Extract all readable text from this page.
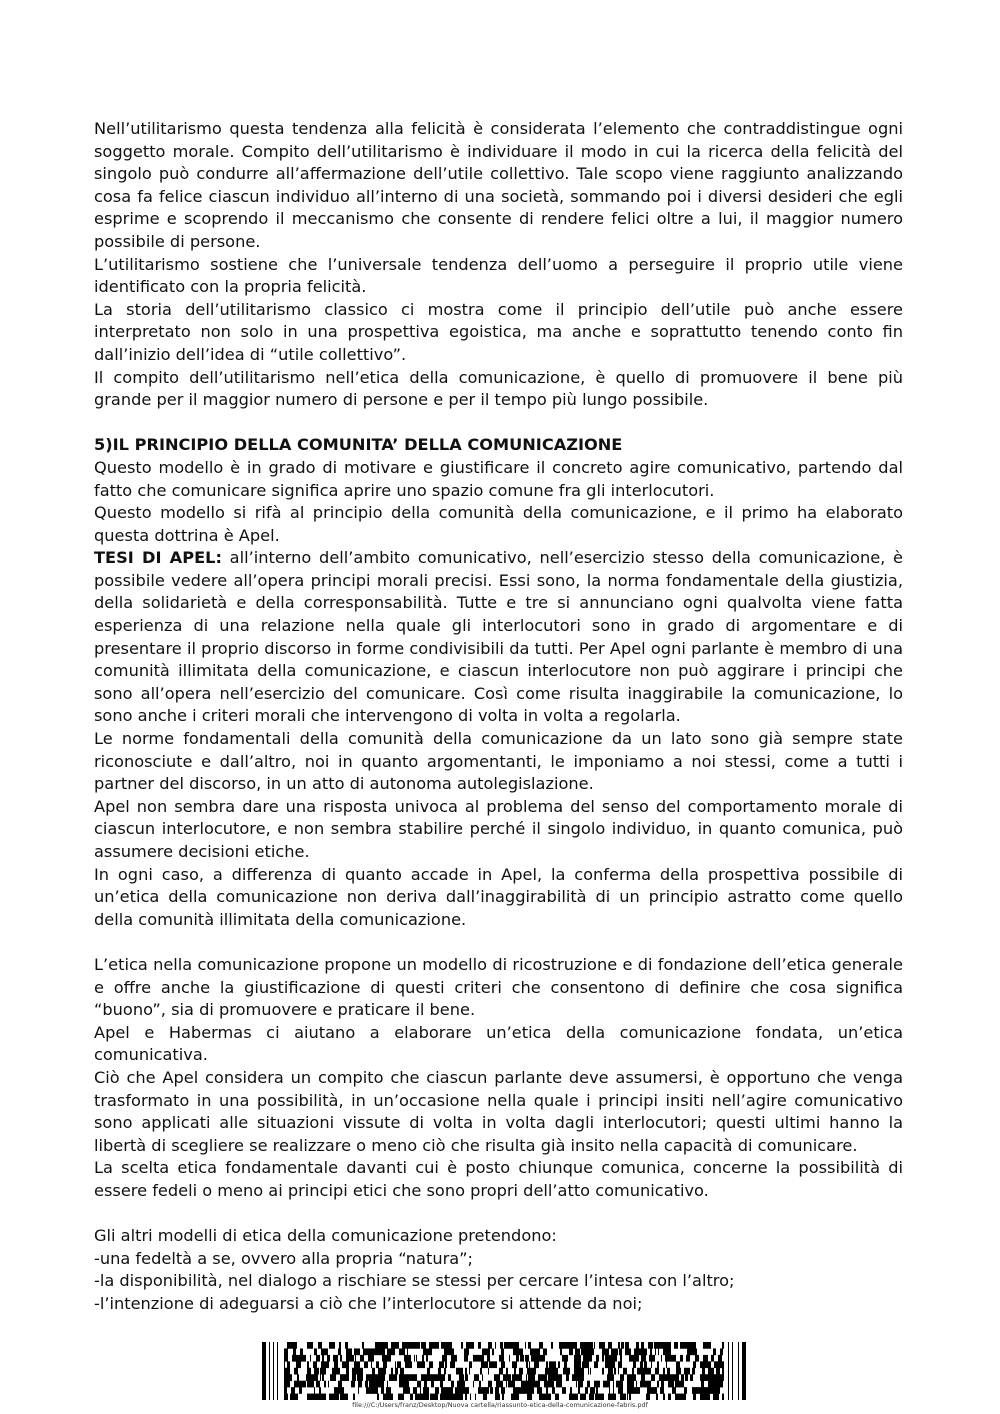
Nell’utilitarismo questa tendenza alla felicità è considerata l’elemento che contraddistingue ogni soggetto morale. Compito dell’utilitarismo è individuare il modo in cui la ricerca della felicità del singolo può condurre all’affermazione dell’utile collettivo. Tale scopo viene raggiunto analizzando cosa fa felice ciascun individuo all’interno di una società, sommando poi i diversi desideri che egli esprime e scoprendo il meccanismo che consente di rendere felici oltre a lui, il maggior numero possibile di persone.

L’utilitarismo sostiene che l’universale tendenza dell’uomo a perseguire il proprio utile viene identificato con la propria felicità.

La storia dell’utilitarismo classico ci mostra come il principio dell’utile può anche essere interpretato non solo in una prospettiva egoistica, ma anche e soprattutto tenendo conto fin dall’inizio dell’idea di “utile collettivo”.

Il compito dell’utilitarismo nell’etica della comunicazione, è quello di promuovere il bene più grande per il maggior numero di persone e per il tempo più lungo possibile.

5)IL PRINCIPIO DELLA COMUNITA’ DELLA COMUNICAZIONE

Questo modello è in grado di motivare e giustificare il concreto agire comunicativo, partendo dal fatto che comunicare significa aprire uno spazio comune fra gli interlocutori.

Questo modello si rifà al principio della comunità della comunicazione, e il primo ha elaborato questa dottrina è Apel.

TESI DI APEL: all’interno dell’ambito comunicativo, nell’esercizio stesso della comunicazione, è possibile vedere all’opera principi morali precisi. Essi sono, la norma fondamentale della giustizia, della solidarietà e della corresponsabilità. Tutte e tre si annunciano ogni qualvolta viene fatta esperienza di una relazione nella quale gli interlocutori sono in grado di argomentare e di presentare il proprio discorso in forme condivisibili da tutti. Per Apel ogni parlante è membro di una comunità illimitata della comunicazione, e ciascun interlocutore non può aggirare i principi che sono all’opera nell’esercizio del comunicare. Così come risulta inaggirabile la comunicazione, lo sono anche i criteri morali che intervengono di volta in volta a regolarla.

Le norme fondamentali della comunità della comunicazione da un lato sono già sempre state riconosciute e dall’altro, noi in quanto argomentanti, le imponiamo a noi stessi, come a tutti i partner del discorso, in un atto di autonoma autolegislazione.

Apel non sembra dare una risposta univoca al problema del senso del comportamento morale di ciascun interlocutore, e non sembra stabilire perché il singolo individuo, in quanto comunica, può assumere decisioni etiche.

In ogni caso, a differenza di quanto accade in Apel, la conferma della prospettiva possibile di un’etica della comunicazione non deriva dall’inaggirabilità di un principio astratto come quello della comunità illimitata della comunicazione.

L’etica nella comunicazione propone un modello di ricostruzione e di fondazione dell’etica generale e offre anche la giustificazione di questi criteri che consentono di definire che cosa significa “buono”, sia di promuovere e praticare il bene.

Apel e Habermas ci aiutano a elaborare un’etica della comunicazione fondata, un’etica comunicativa.

Ciò che Apel considera un compito che ciascun parlante deve assumersi, è opportuno che venga trasformato in una possibilità, in un’occasione nella quale i principi insiti nell’agire comunicativo sono applicati alle situazioni vissute di volta in volta dagli interlocutori; questi ultimi hanno la libertà di scegliere se realizzare o meno ciò che risulta già insito nella capacità di comunicare.

La scelta etica fondamentale davanti cui è posto chiunque comunica, concerne la possibilità di essere fedeli o meno ai principi etici che sono propri dell’atto comunicativo.

Gli altri modelli di etica della comunicazione pretendono:

-una fedeltà a se, ovvero alla propria “natura”;

-la disponibilità, nel dialogo a rischiare se stessi per cercare l’intesa con l’altro;

-l’intenzione di adeguarsi a ciò che l’interlocutore si attende da noi;

file:///C:/Users/franz/Desktop/Nuova cartella/riassunto-etica-della-comunicazione-fabris.pdf
